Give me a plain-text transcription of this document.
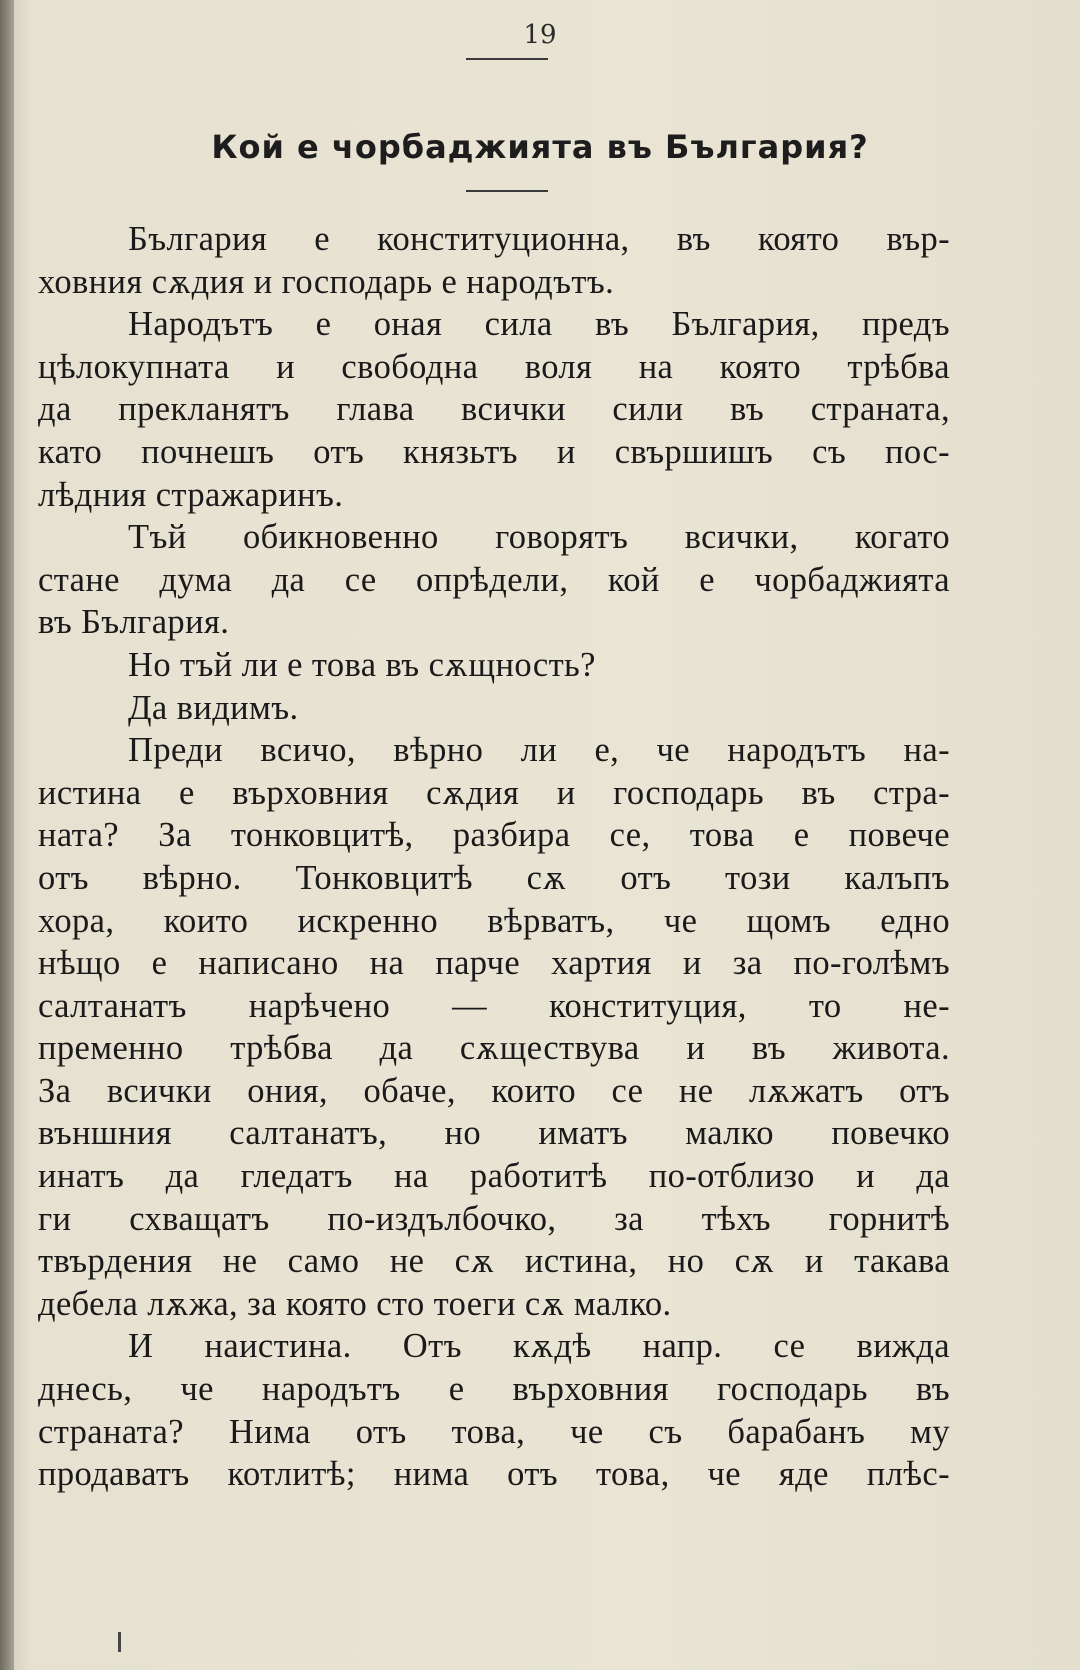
19
Кой е чорбаджията въ България?
България е конституционна, въ която вър-
ховния сѫдия и господарь е народътъ.
Народътъ е оная сила въ България, предъ
цѣлокупната и свободна воля на която трѣбва
да прекланятъ глава всички сили въ страната,
като почнешъ отъ князьтъ и свършишъ съ пос-
лѣдния стражаринъ.
Тъй обикновенно говорятъ всички, когато
стане дума да се опрѣдели, кой е чорбаджията
въ България.
Но тъй ли е това въ сѫщность?
Да видимъ.
Преди всичо, вѣрно ли е, че народътъ на-
истина е върховния сѫдия и господарь въ стра-
ната? За тонковцитѣ, разбира се, това е повече
отъ вѣрно. Тонковцитѣ сѫ отъ този калъпъ
хора, които искренно вѣрватъ, че щомъ едно
нѣщо е написано на парче хартия и за по-голѣмъ
салтанатъ нарѣчено — конституция, то не-
пременно трѣбва да сѫществува и въ живота.
За всички ония, обаче, които се не лѫжатъ отъ
външния салтанатъ, но иматъ малко повечко
инатъ да гледатъ на работитѣ по-отблизо и да
ги схващатъ по-издълбочко, за тѣхъ горнитѣ
твърдения не само не сѫ истина, но сѫ и такава
дебела лѫжа, за която сто тоеги сѫ малко.
И наистина. Отъ кѫдѣ напр. се вижда
днесь, че народътъ е върховния господарь въ
страната? Нима отъ това, че съ барабанъ му
продаватъ котлитѣ; нима отъ това, че яде плѣс-
